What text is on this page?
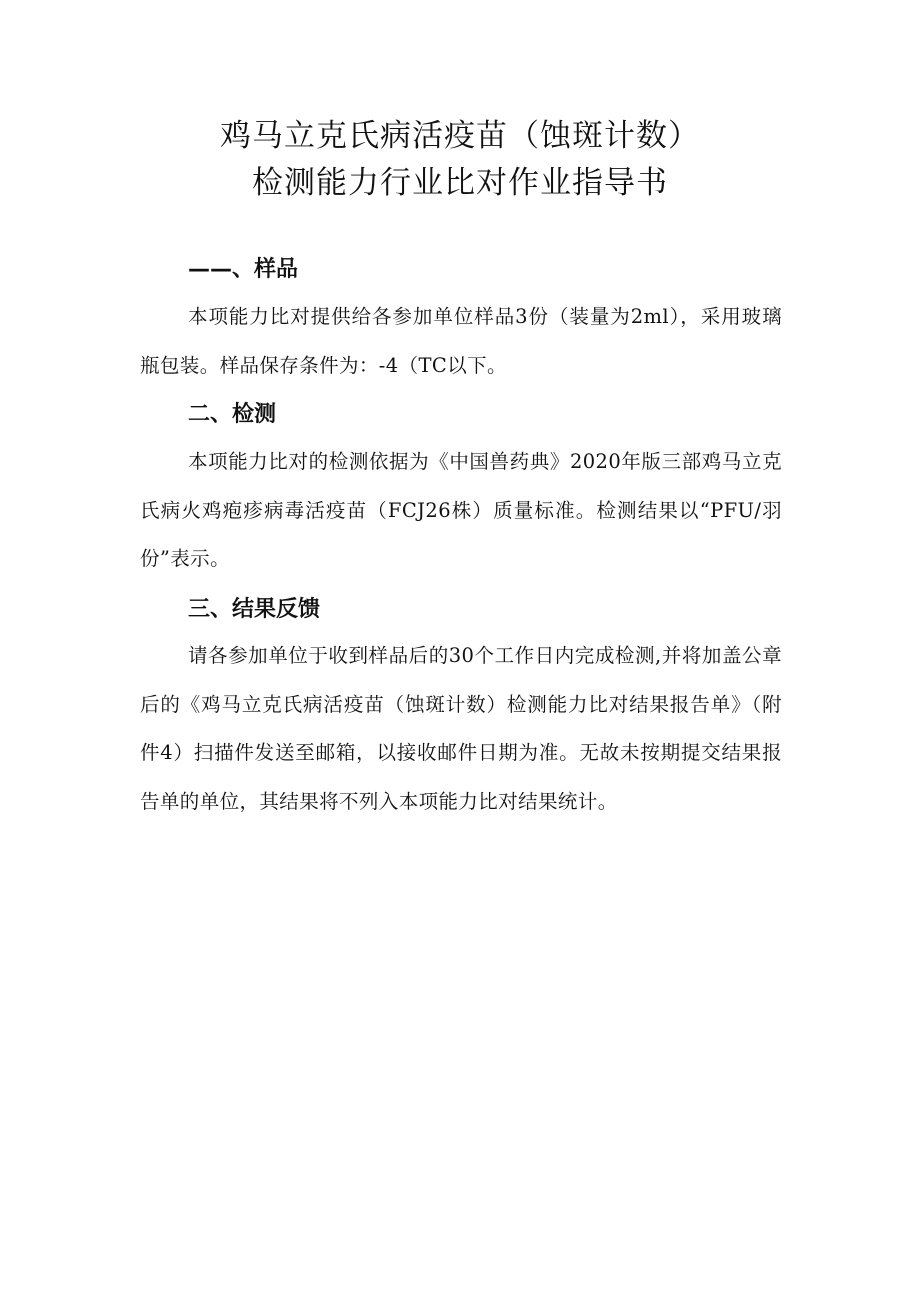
鸡马立克氏病活疫苗（蚀斑计数）
检测能力行业比对作业指导书
——、样品
本项能力比对提供给各参加单位样品3份（装量为2ml），采用玻璃瓶包装。样品保存条件为：-4（TC以下。
二、检测
本项能力比对的检测依据为《中国兽药典》2020年版三部鸡马立克氏病火鸡疱疹病毒活疫苗（FCJ26株）质量标准。检测结果以“PFU/羽份”表示。
三、结果反馈
请各参加单位于收到样品后的30个工作日内完成检测,并将加盖公章后的《鸡马立克氏病活疫苗（蚀斑计数）检测能力比对结果报告单》（附件4）扫描件发送至邮箱，以接收邮件日期为准。无故未按期提交结果报告单的单位，其结果将不列入本项能力比对结果统计。
